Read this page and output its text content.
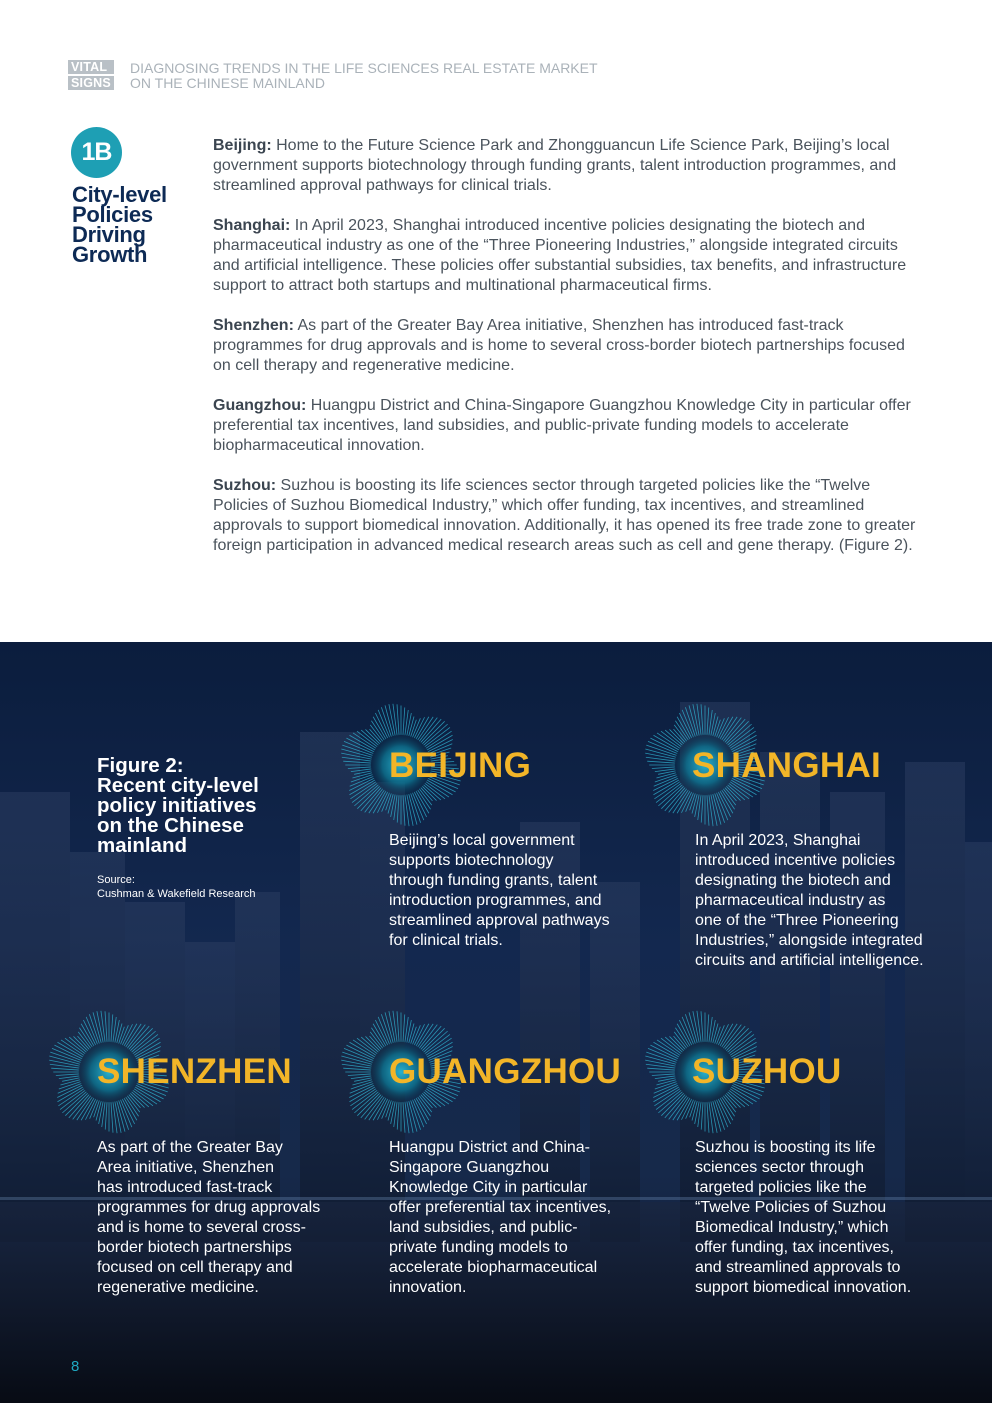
VITAL
SIGNS
DIAGNOSING TRENDS IN THE LIFE SCIENCES REAL ESTATE MARKET
ON THE CHINESE MAINLAND
1B
City-level
Policies
Driving
Growth

Beijing: Home to the Future Science Park and Zhongguancun Life Science Park, Beijing’s local government supports biotechnology through funding grants, talent introduction programmes, and streamlined approval pathways for clinical trials.

Shanghai: In April 2023, Shanghai introduced incentive policies designating the biotech and pharmaceutical industry as one of the “Three Pioneering Industries,” alongside integrated circuits and artificial intelligence. These policies offer substantial subsidies, tax benefits, and infrastructure support to attract both startups and multinational pharmaceutical firms.

Shenzhen: As part of the Greater Bay Area initiative, Shenzhen has introduced fast-track programmes for drug approvals and is home to several cross-border biotech partnerships focused on cell therapy and regenerative medicine.

Guangzhou: Huangpu District and China-Singapore Guangzhou Knowledge City in particular offer preferential tax incentives, land subsidies, and public-private funding models to accelerate biopharmaceutical innovation.

Suzhou: Suzhou is boosting its life sciences sector through targeted policies like the “Twelve Policies of Suzhou Biomedical Industry,” which offer funding, tax incentives, and streamlined approvals to support biomedical innovation. Additionally, it has opened its free trade zone to greater foreign participation in advanced medical research areas such as cell and gene therapy. (Figure 2).

Figure 2:
Recent city-level
policy initiatives
on the Chinese
mainland
Source:
Cushman & Wakefield Research
BEIJING
Beijing’s local government
supports biotechnology
through funding grants, talent
introduction programmes, and
streamlined approval pathways
for clinical trials.
SHANGHAI
In April 2023, Shanghai
introduced incentive policies
designating the biotech and
pharmaceutical industry as
one of the “Three Pioneering
Industries,” alongside integrated
circuits and artificial intelligence.
SHENZHEN
As part of the Greater Bay
Area initiative, Shenzhen
has introduced fast-track
programmes for drug approvals
and is home to several cross-
border biotech partnerships
focused on cell therapy and
regenerative medicine.
GUANGZHOU
Huangpu District and China-
Singapore Guangzhou
Knowledge City in particular
offer preferential tax incentives,
land subsidies, and public-
private funding models to
accelerate biopharmaceutical
innovation.
SUZHOU
Suzhou is boosting its life
sciences sector through
targeted policies like the
“Twelve Policies of Suzhou
Biomedical Industry,” which
offer funding, tax incentives,
and streamlined approvals to
support biomedical innovation.
8
